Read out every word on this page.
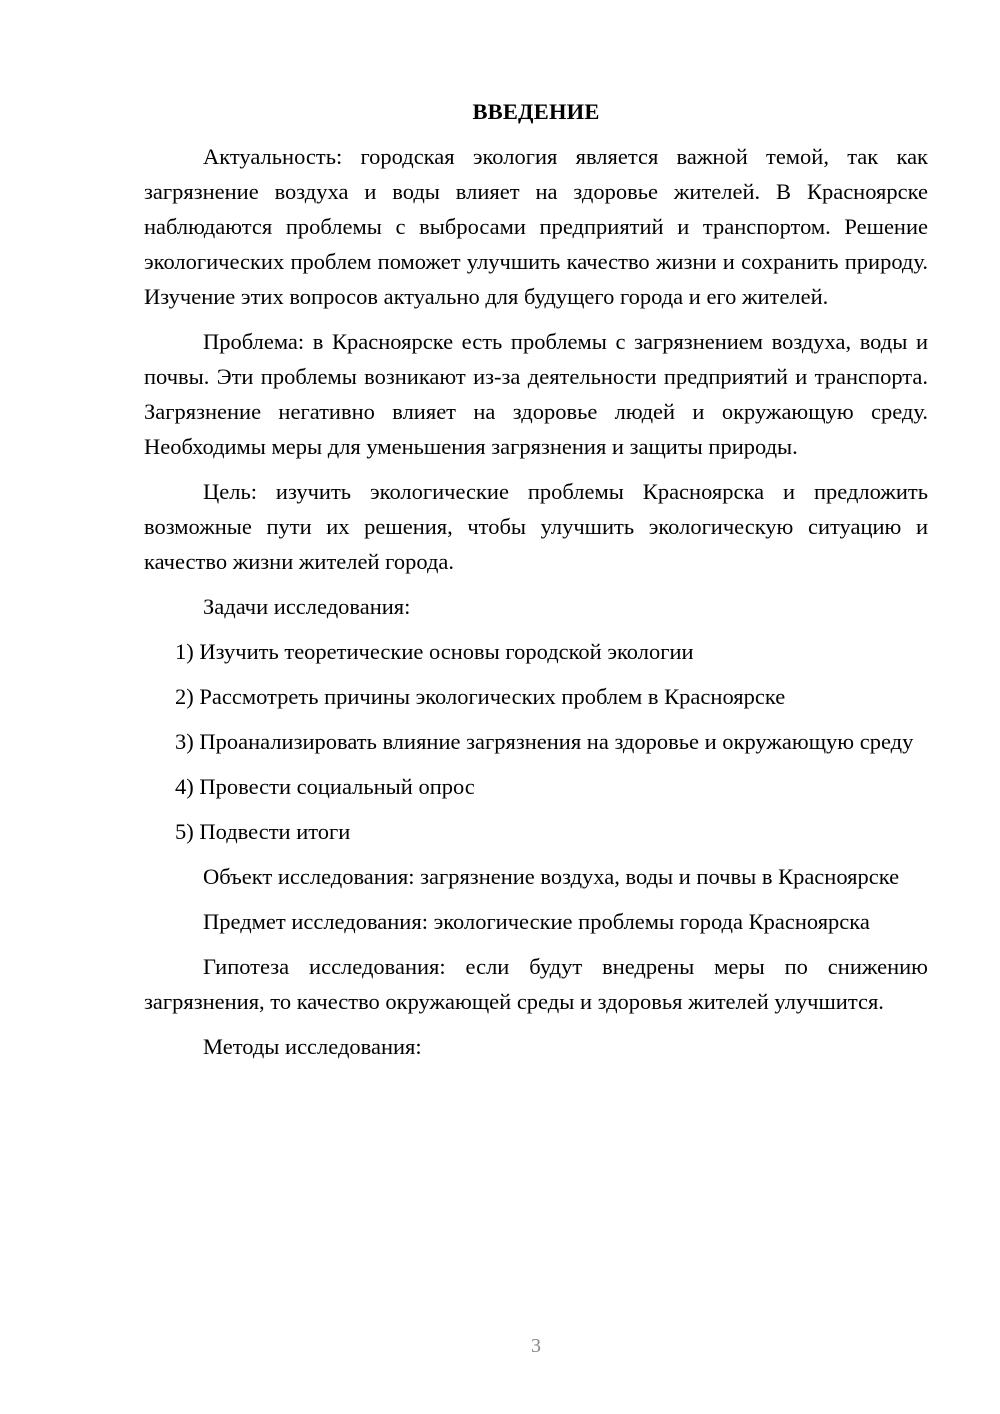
ВВЕДЕНИЕ

Актуальность: городская экология является важной темой, так как загрязнение воздуха и воды влияет на здоровье жителей. В Красноярске наблюдаются проблемы с выбросами предприятий и транспортом. Решение экологических проблем поможет улучшить качество жизни и сохранить природу. Изучение этих вопросов актуально для будущего города и его жителей.

Проблема: в Красноярске есть проблемы с загрязнением воздуха, воды и почвы. Эти проблемы возникают из-за деятельности предприятий и транспорта. Загрязнение негативно влияет на здоровье людей и окружающую среду. Необходимы меры для уменьшения загрязнения и защиты природы.

Цель: изучить экологические проблемы Красноярска и предложить возможные пути их решения, чтобы улучшить экологическую ситуацию и качество жизни жителей города.

Задачи исследования:

1) Изучить теоретические основы городской экологии

2) Рассмотреть причины экологических проблем в Красноярске

3) Проанализировать влияние загрязнения на здоровье и окружающую среду

4) Провести социальный опрос

5) Подвести итоги

Объект исследования: загрязнение воздуха, воды и почвы в Красноярске

Предмет исследования: экологические проблемы города Красноярска

Гипотеза исследования: если будут внедрены меры по снижению загрязнения, то качество окружающей среды и здоровья жителей улучшится.

Методы исследования:

3
